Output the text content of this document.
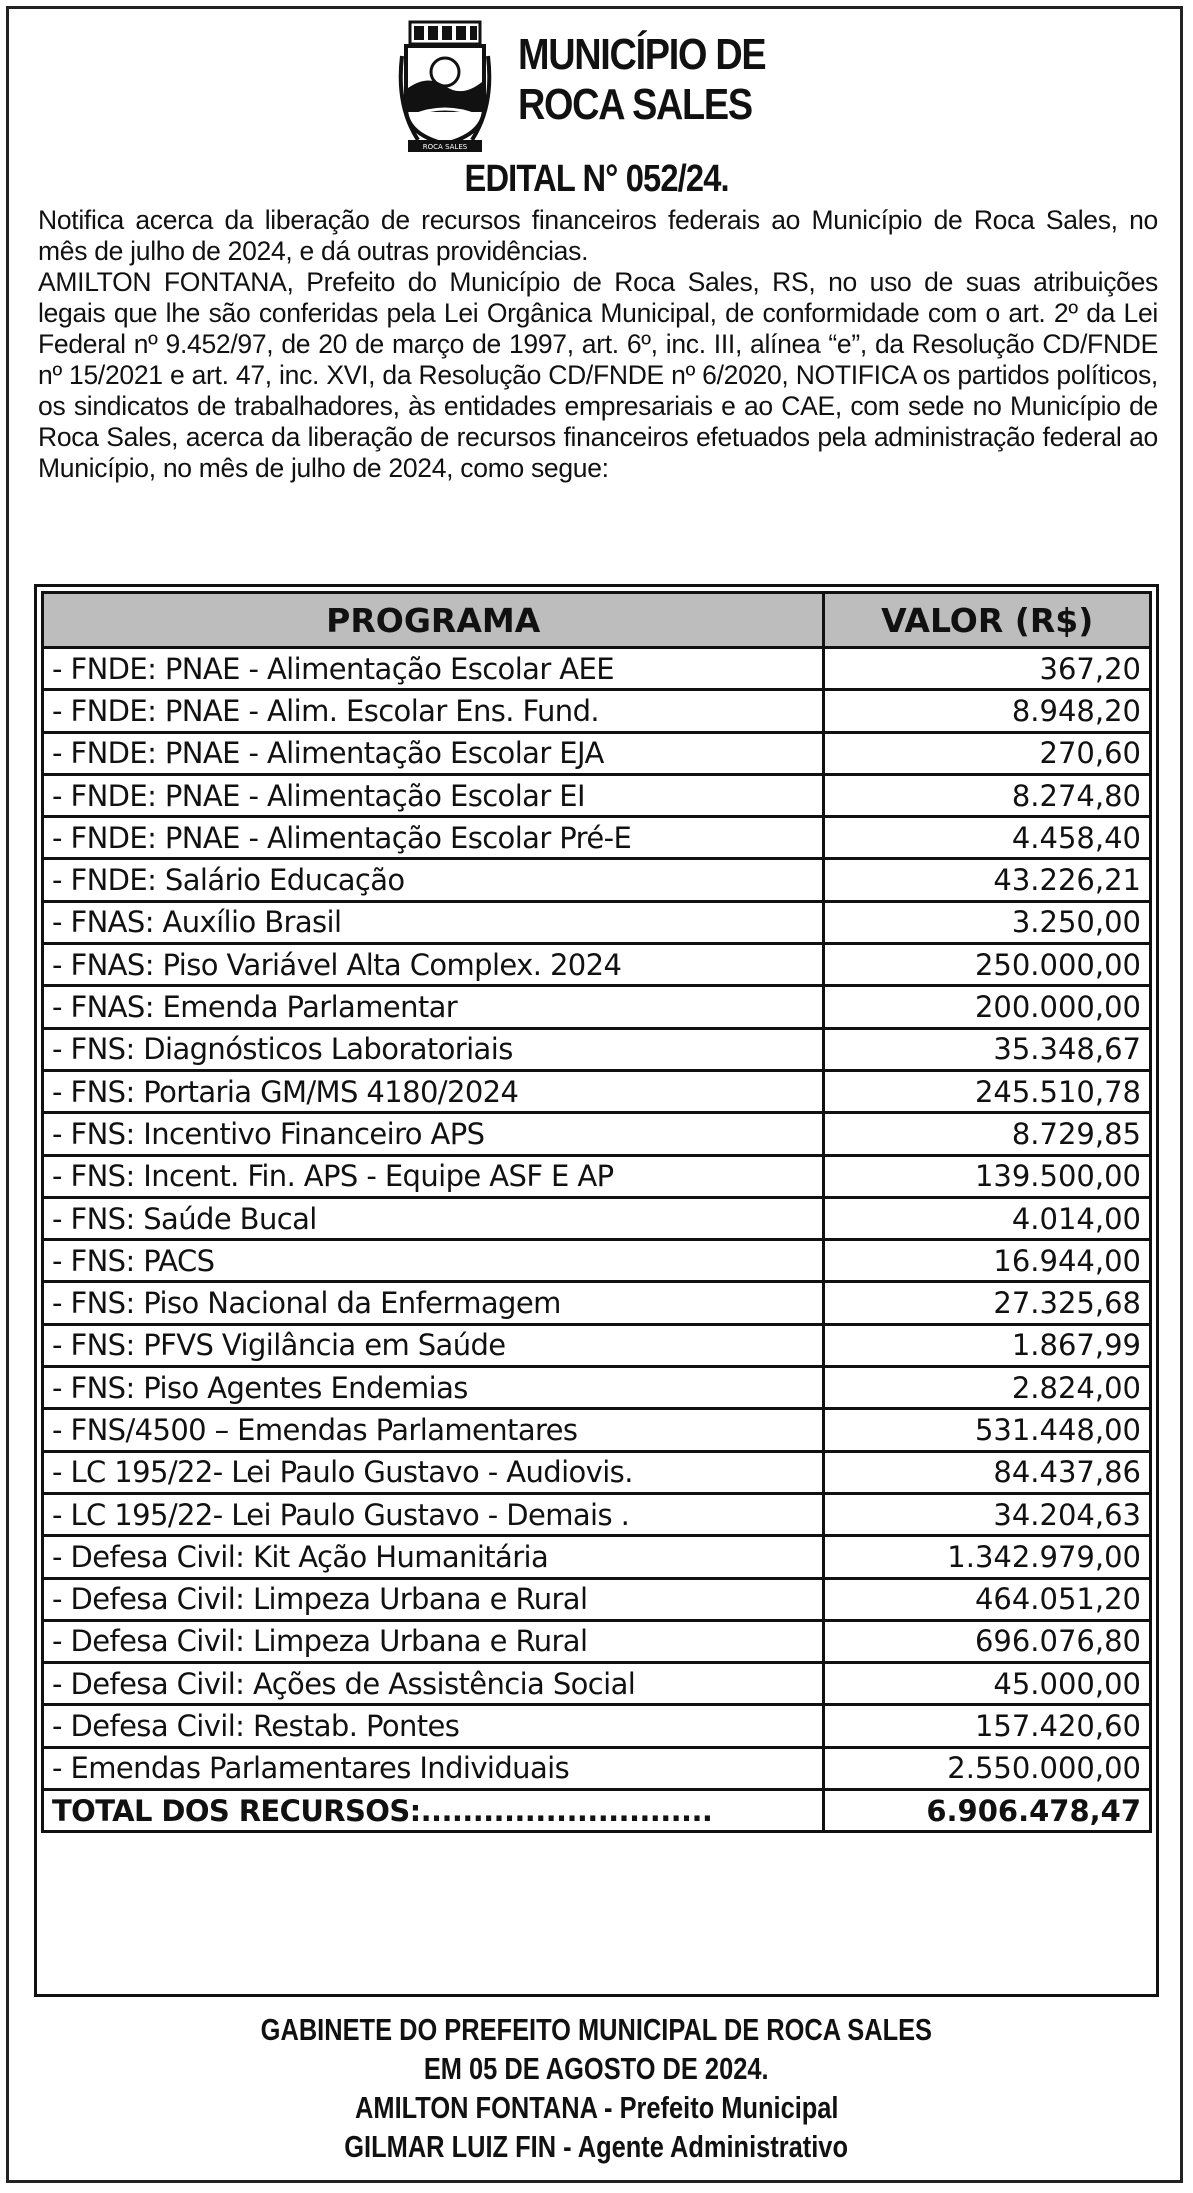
ROCA SALES
MUNICÍPIO DE
ROCA SALES
EDITAL N° 052/24.

Notifica acerca da liberação de recursos financeiros federais ao Município de Roca Sales, no mês de julho de 2024, e dá outras providências.

AMILTON FONTANA, Prefeito do Município de Roca Sales, RS, no uso de suas atribuições legais que lhe são conferidas pela Lei Orgânica Municipal, de conformidade com o art. 2º da Lei Federal nº 9.452/97, de 20 de março de 1997, art. 6º, inc. III, alínea “e”, da Resolução CD/FNDE nº 15/2021 e art. 47, inc. XVI, da Resolução CD/FNDE nº 6/2020, NOTIFICA os partidos políticos, os sindicatos de trabalhadores, às entidades empresariais e ao CAE, com sede no Município de Roca Sales, acerca da liberação de recursos financeiros efetuados pela administração federal ao Município, no mês de julho de 2024, como segue:

PROGRAMA	VALOR (R$)
- FNDE: PNAE - Alimentação Escolar AEE	367,20
- FNDE: PNAE - Alim. Escolar Ens. Fund.	8.948,20
- FNDE: PNAE - Alimentação Escolar EJA	270,60
- FNDE: PNAE - Alimentação Escolar EI	8.274,80
- FNDE: PNAE - Alimentação Escolar Pré-E	4.458,40
- FNDE: Salário Educação	43.226,21
- FNAS: Auxílio Brasil	3.250,00
- FNAS: Piso Variável Alta Complex. 2024	250.000,00
- FNAS: Emenda Parlamentar	200.000,00
- FNS: Diagnósticos Laboratoriais	35.348,67
- FNS: Portaria GM/MS 4180/2024	245.510,78
- FNS: Incentivo Financeiro APS	8.729,85
- FNS: Incent. Fin. APS - Equipe ASF E AP	139.500,00
- FNS: Saúde Bucal	4.014,00
- FNS: PACS	16.944,00
- FNS: Piso Nacional da Enfermagem	27.325,68
- FNS: PFVS Vigilância em Saúde	1.867,99
- FNS: Piso Agentes Endemias	2.824,00
- FNS/4500 – Emendas Parlamentares	531.448,00
- LC 195/22- Lei Paulo Gustavo - Audiovis.	84.437,86
- LC 195/22- Lei Paulo Gustavo - Demais .	34.204,63
- Defesa Civil: Kit Ação Humanitária	1.342.979,00
- Defesa Civil: Limpeza Urbana e Rural	464.051,20
- Defesa Civil: Limpeza Urbana e Rural	696.076,80
- Defesa Civil: Ações de Assistência Social	45.000,00
- Defesa Civil: Restab. Pontes	157.420,60
- Emendas Parlamentares Individuais	2.550.000,00
TOTAL DOS RECURSOS:............................	6.906.478,47
GABINETE DO PREFEITO MUNICIPAL DE ROCA SALES
EM 05 DE AGOSTO DE 2024.
AMILTON FONTANA - Prefeito Municipal
GILMAR LUIZ FIN - Agente Administrativo
